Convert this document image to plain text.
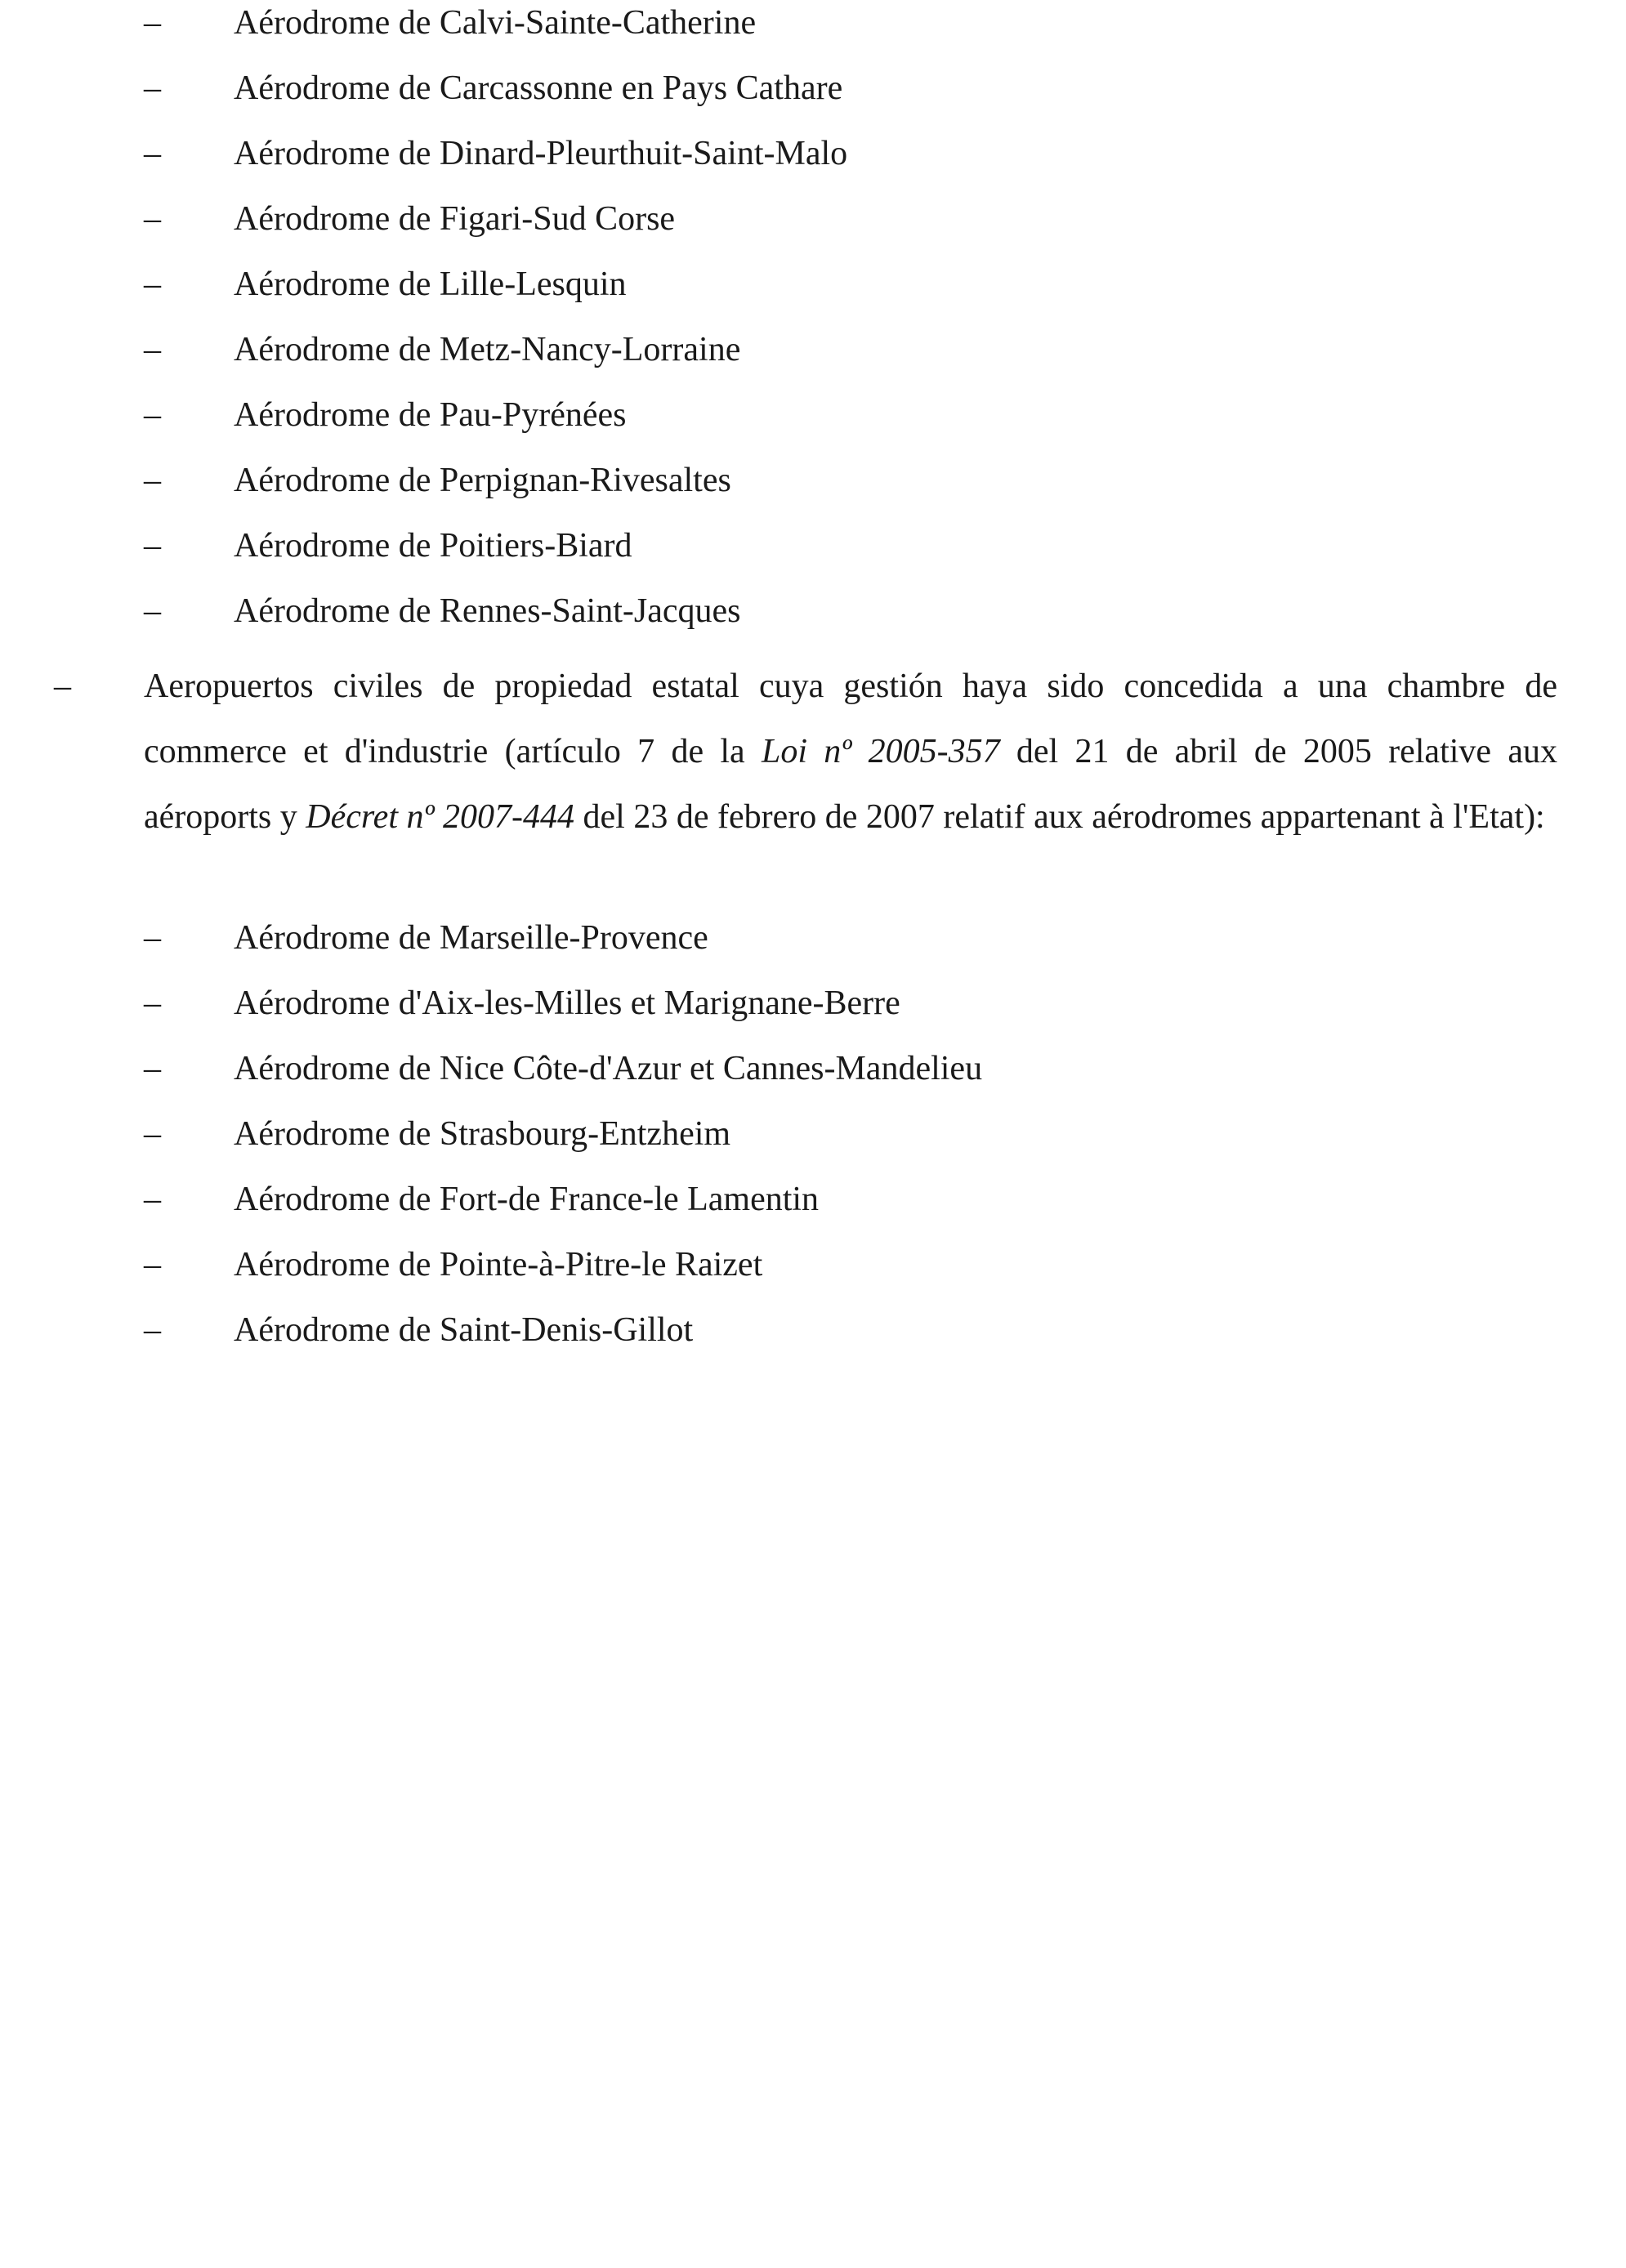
– Aérodrome de Calvi-Sainte-Catherine
– Aérodrome de Carcassonne en Pays Cathare
– Aérodrome de Dinard-Pleurthuit-Saint-Malo
– Aérodrome de Figari-Sud Corse
– Aérodrome de Lille-Lesquin
– Aérodrome de Metz-Nancy-Lorraine
– Aérodrome de Pau-Pyrénées
– Aérodrome de Perpignan-Rivesaltes
– Aérodrome de Poitiers-Biard
– Aérodrome de Rennes-Saint-Jacques
– Aeropuertos civiles de propiedad estatal cuya gestión haya sido concedida a una chambre de commerce et d'industrie (artículo 7 de la Loi nº 2005-357 del 21 de abril de 2005 relative aux aéroports y Décret nº 2007-444 del 23 de febrero de 2007 relatif aux aérodromes appartenant à l'Etat):

– Aérodrome de Marseille-Provence
– Aérodrome d'Aix-les-Milles et Marignane-Berre
– Aérodrome de Nice Côte-d'Azur et Cannes-Mandelieu
– Aérodrome de Strasbourg-Entzheim
– Aérodrome de Fort-de France-le Lamentin
– Aérodrome de Pointe-à-Pitre-le Raizet
– Aérodrome de Saint-Denis-Gillot
